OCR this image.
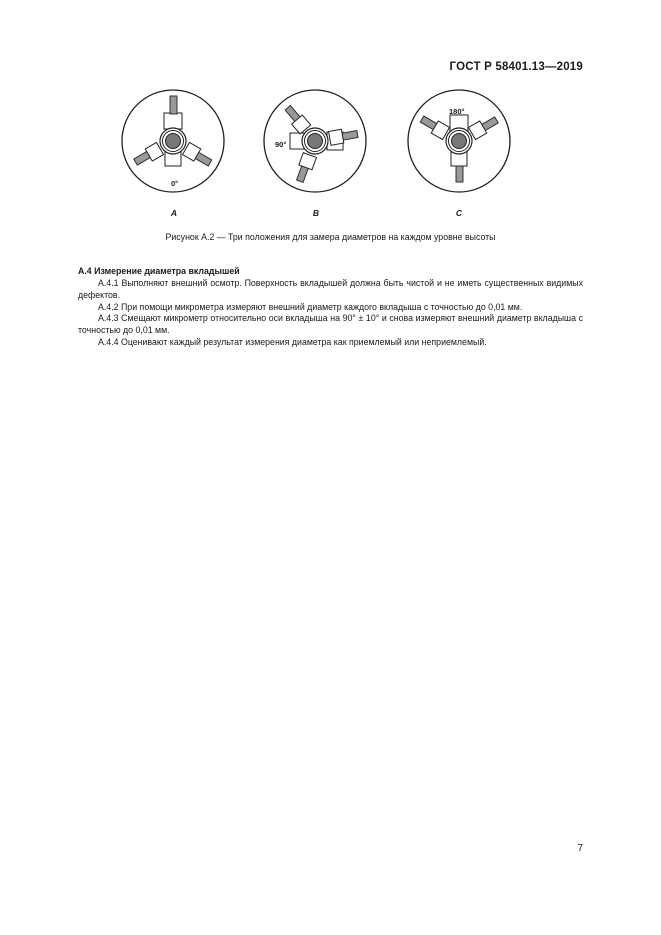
ГОСТ Р 58401.13—2019
0°
90°
180°
A	B	C
Рисунок А.2 — Три положения для замера диаметров на каждом уровне высоты
А.4 Измерение диаметра вкладышей

А.4.1 Выполняют внешний осмотр. Поверхность вкладышей должна быть чистой и не иметь существенных видимых дефектов.

А.4.2 При помощи микрометра измеряют внешний диаметр каждого вкладыша с точностью до 0,01 мм.

А.4.3 Смещают микрометр относительно оси вкладыша на 90° ± 10° и снова измеряют внешний диаметр вкладыша с точностью до 0,01 мм.

А.4.4 Оценивают каждый результат измерения диаметра как приемлемый или неприемлемый.

7
